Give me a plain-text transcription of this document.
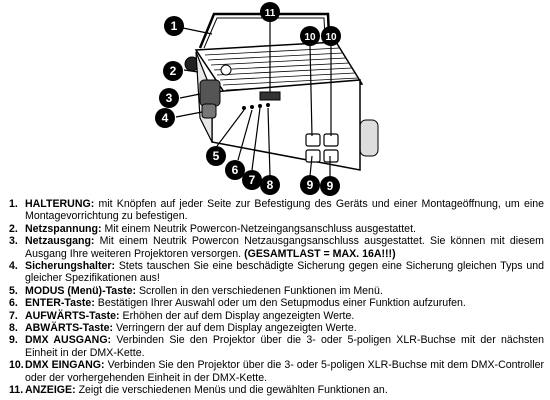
1
2
3
4
5
6
7 8	9 9
10 10
11
1. HALTERUNG: mit Knöpfen auf jeder Seite zur Befestigung des Geräts und einer Montageöffnung, um eine Montagevorrichtung zu befestigen.
2. Netzspannung: Mit einem Neutrik Powercon-Netzeingangsanschluss ausgestattet.
3. Netzausgang: Mit einem Neutrik Powercon Netzausgangsanschluss ausgestattet. Sie können mit diesem Ausgang Ihre weiteren Projektoren versorgen. (GESAMTLAST = MAX. 16A!!!)
4. Sicherungshalter: Stets tauschen Sie eine beschädigte Sicherung gegen eine Sicherung gleichen Typs und gleicher Spezifikationen aus!
5. MODUS (Menü)-Taste: Scrollen in den verschiedenen Funktionen im Menü.
6. ENTER-Taste: Bestätigen Ihrer Auswahl oder um den Setupmodus einer Funktion aufzurufen.
7. AUFWÄRTS-Taste: Erhöhen der auf dem Display angezeigten Werte.
8. ABWÄRTS-Taste: Verringern der auf dem Display angezeigten Werte.
9. DMX AUSGANG: Verbinden Sie den Projektor über die 3- oder 5-poligen XLR-Buchse mit der nächsten Einheit in der DMX-Kette.
10. DMX EINGANG: Verbinden Sie den Projektor über die 3- oder 5-poligen XLR-Buchse mit dem DMX-Controller oder der vorhergehenden Einheit in der DMX-Kette.
11. ANZEIGE: Zeigt die verschiedenen Menüs und die gewählten Funktionen an.
